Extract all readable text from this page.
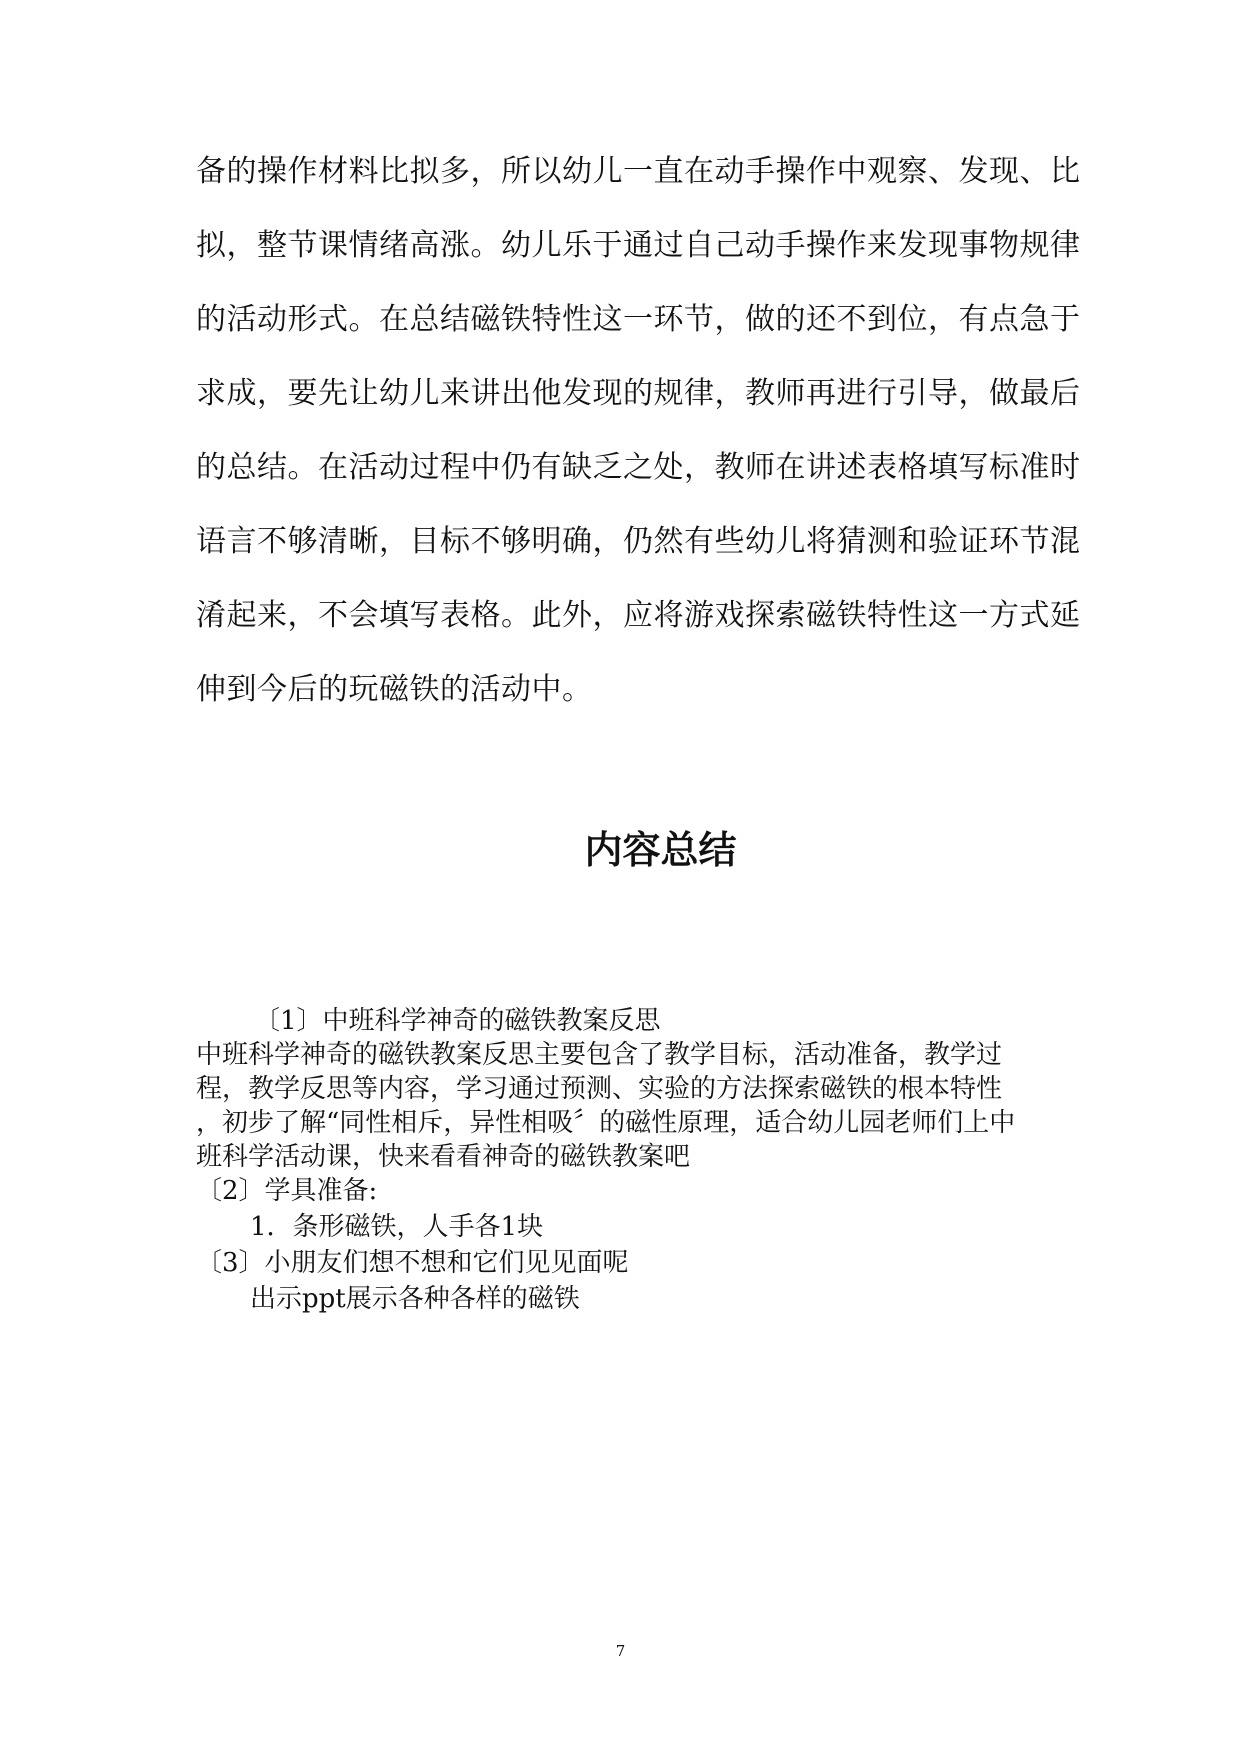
备的操作材料比拟多，所以幼儿一直在动手操作中观察、发现、比
拟，整节课情绪高涨。幼儿乐于通过自己动手操作来发现事物规律
的活动形式。在总结磁铁特性这一环节，做的还不到位，有点急于
求成，要先让幼儿来讲出他发现的规律，教师再进行引导，做最后
的总结。在活动过程中仍有缺乏之处，教师在讲述表格填写标准时
语言不够清晰，目标不够明确，仍然有些幼儿将猜测和验证环节混
淆起来，不会填写表格。此外，应将游戏探索磁铁特性这一方式延
伸到今后的玩磁铁的活动中。
内容总结
〔1〕中班科学神奇的磁铁教案反思
中班科学神奇的磁铁教案反思主要包含了教学目标，活动准备，教学过
程，教学反思等内容，学习通过预测、实验的方法探索磁铁的根本特性
，初步了解“同性相斥，异性相吸〞的磁性原理，适合幼儿园老师们上中
班科学活动课，快来看看神奇的磁铁教案吧
〔2〕学具准备:
1．条形磁铁，人手各1块
〔3〕小朋友们想不想和它们见见面呢
出示ppt展示各种各样的磁铁
7
